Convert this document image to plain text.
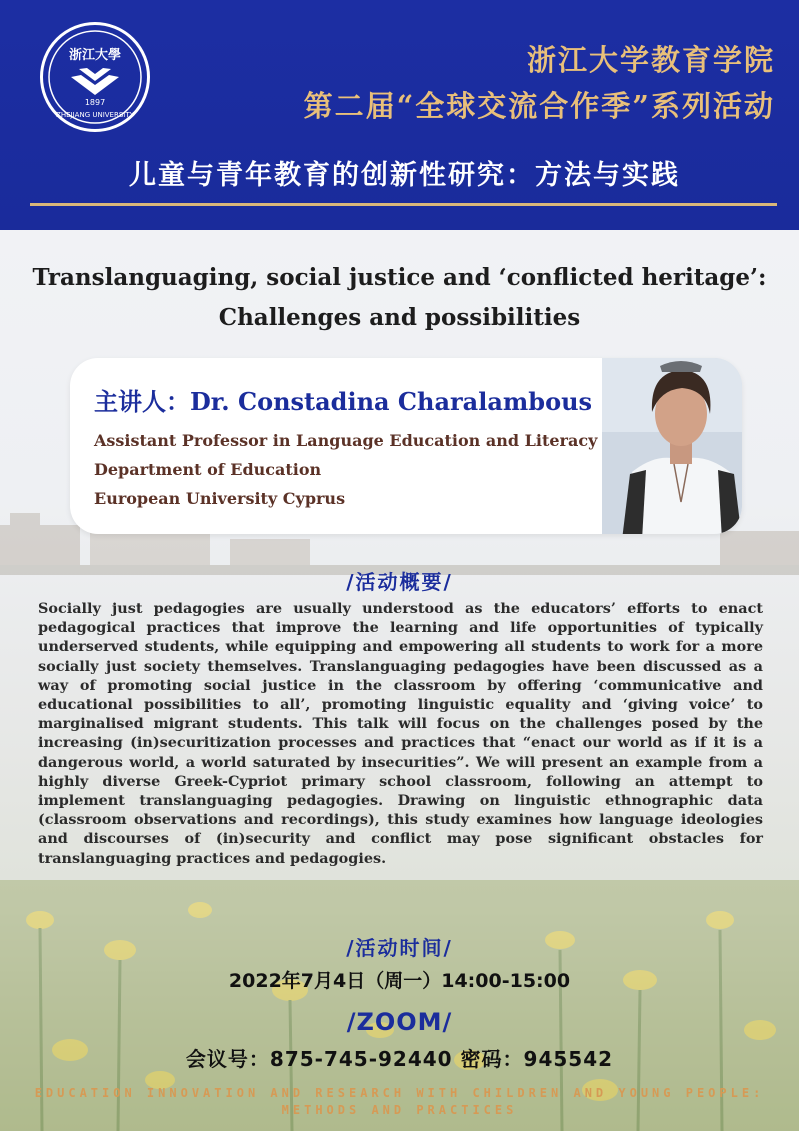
浙江大學
1897
ZHEJIANG UNIVERSITY
浙江大学教育学院
第二届“全球交流合作季”系列活动
儿童与青年教育的创新性研究：方法与实践
Translanguaging, social justice and ‘conflicted heritage’:
Challenges and possibilities
主讲人：Dr. Constadina Charalambous
Assistant Professor in Language Education and Literacy
Department of Education
European University Cyprus
/活动概要/
Socially just pedagogies are usually understood as the educators’ efforts to enact pedagogical practices that improve the learning and life opportunities of typically underserved students, while equipping and empowering all students to work for a more socially just society themselves. Translanguaging pedagogies have been discussed as a way of promoting social justice in the classroom by offering ‘communicative and educational possibilities to all’, promoting linguistic equality and ‘giving voice’ to marginalised migrant students. This talk will focus on the challenges posed by the increasing (in)securitization processes and practices that “enact our world as if it is a dangerous world, a world saturated by insecurities”. We will present an example from a highly diverse Greek-Cypriot primary school classroom, following an attempt to implement translanguaging pedagogies. Drawing on linguistic ethnographic data (classroom observations and recordings), this study examines how language ideologies and discourses of (in)security and conflict may pose significant obstacles for translanguaging practices and pedagogies.
/活动时间/
2022年7月4日（周一）14:00-15:00
/ZOOM/
会议号：875-745-92440 密码：945542
EDUCATION INNOVATION AND RESEARCH WITH CHILDREN AND YOUNG PEOPLE:
METHODS AND PRACTICES
